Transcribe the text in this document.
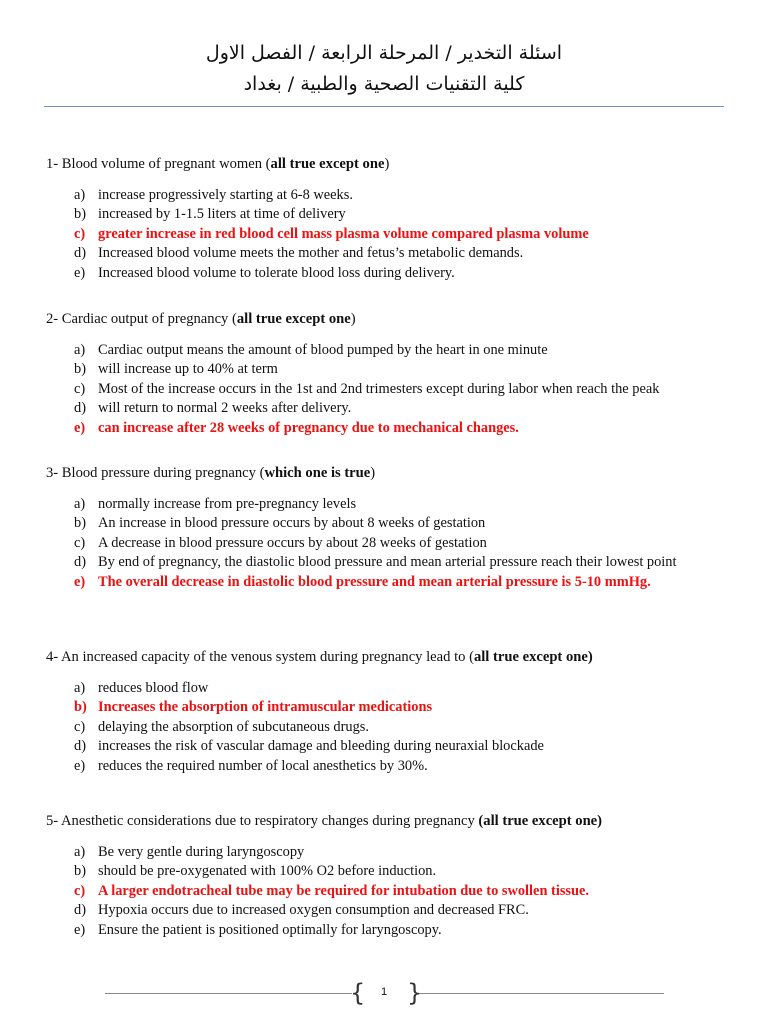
اسئلة التخدير / المرحلة الرابعة / الفصل الاول
كلية التقنيات الصحية والطبية / بغداد
1- Blood volume of pregnant women (all true except one)
a) increase progressively starting at 6-8 weeks.
b) increased by 1-1.5 liters at time of delivery
c) greater increase in red blood cell mass plasma volume compared plasma volume
d) Increased blood volume meets the mother and fetus’s metabolic demands.
e) Increased blood volume to tolerate blood loss during delivery.
2- Cardiac output of pregnancy (all true except one)
a) Cardiac output means the amount of blood pumped by the heart in one minute
b) will increase up to 40% at term
c) Most of the increase occurs in the 1st and 2nd trimesters except during labor when reach the peak
d) will return to normal 2 weeks after delivery.
e) can increase after 28 weeks of pregnancy due to mechanical changes.
3- Blood pressure during pregnancy (which one is true)
a) normally increase from pre-pregnancy levels
b) An increase in blood pressure occurs by about 8 weeks of gestation
c) A decrease in blood pressure occurs by about 28 weeks of gestation
d) By end of pregnancy, the diastolic blood pressure and mean arterial pressure reach their lowest point
e) The overall decrease in diastolic blood pressure and mean arterial pressure is 5-10 mmHg.
4- An increased capacity of the venous system during pregnancy lead to (all true except one)
a) reduces blood flow
b) Increases the absorption of intramuscular medications
c) delaying the absorption of subcutaneous drugs.
d) increases the risk of vascular damage and bleeding during neuraxial blockade
e) reduces the required number of local anesthetics by 30%.
5- Anesthetic considerations due to respiratory changes during pregnancy (all true except one)
a) Be very gentle during laryngoscopy
b) should be pre-oxygenated with 100% O2 before induction.
c) A larger endotracheal tube may be required for intubation due to swollen tissue.
d) Hypoxia occurs due to increased oxygen consumption and decreased FRC.
e) Ensure the patient is positioned optimally for laryngoscopy.
{ }
1
